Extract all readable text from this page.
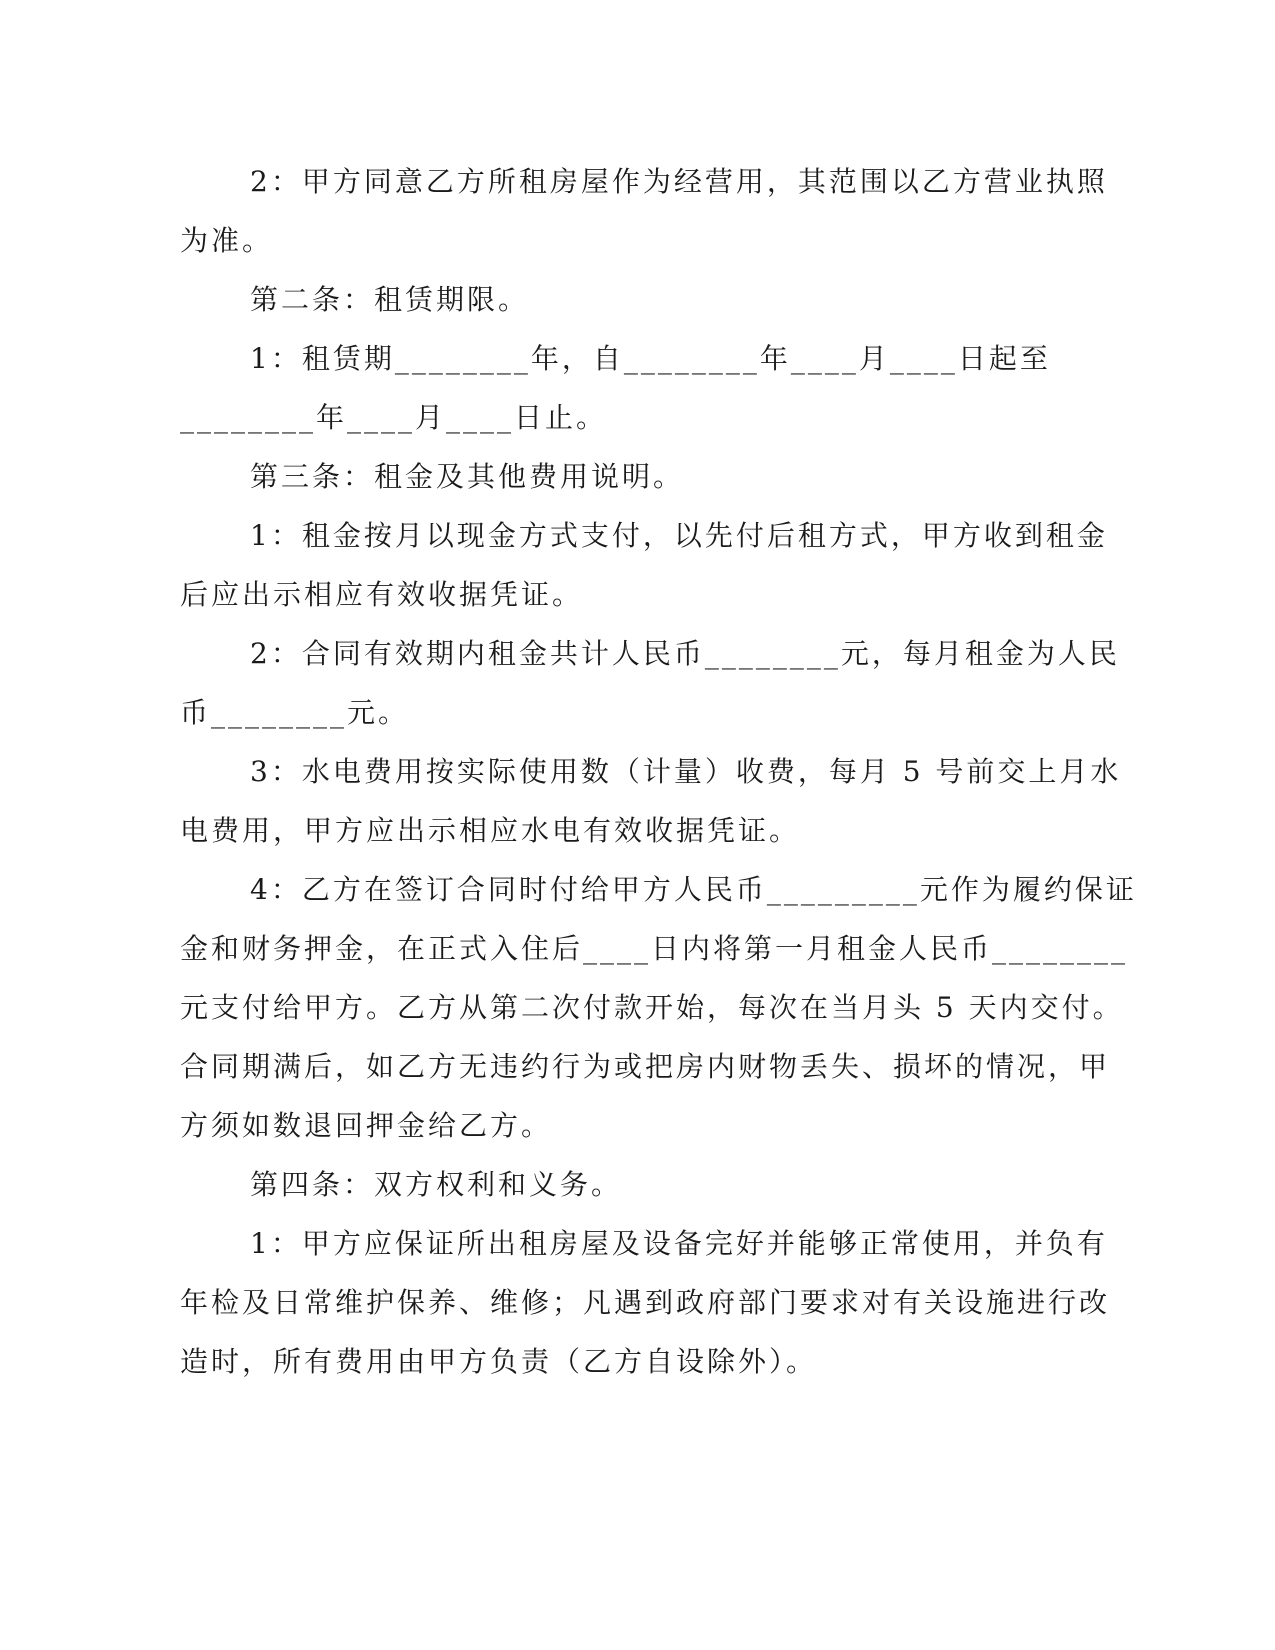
2：甲方同意乙方所租房屋作为经营用，其范围以乙方营业执照
为准。
第二条：租赁期限。
1：租赁期________年，自________年____月____日起至
________年____月____日止。
第三条：租金及其他费用说明。
1：租金按月以现金方式支付，以先付后租方式，甲方收到租金
后应出示相应有效收据凭证。
2：合同有效期内租金共计人民币________元，每月租金为人民
币________元。
3：水电费用按实际使用数（计量）收费，每月 5 号前交上月水
电费用，甲方应出示相应水电有效收据凭证。
4：乙方在签订合同时付给甲方人民币_________元作为履约保证
金和财务押金，在正式入住后____日内将第一月租金人民币________
元支付给甲方。乙方从第二次付款开始，每次在当月头 5 天内交付。
合同期满后，如乙方无违约行为或把房内财物丢失、损坏的情况，甲
方须如数退回押金给乙方。
第四条：双方权利和义务。
1：甲方应保证所出租房屋及设备完好并能够正常使用，并负有
年检及日常维护保养、维修；凡遇到政府部门要求对有关设施进行改
造时，所有费用由甲方负责（乙方自设除外）。
